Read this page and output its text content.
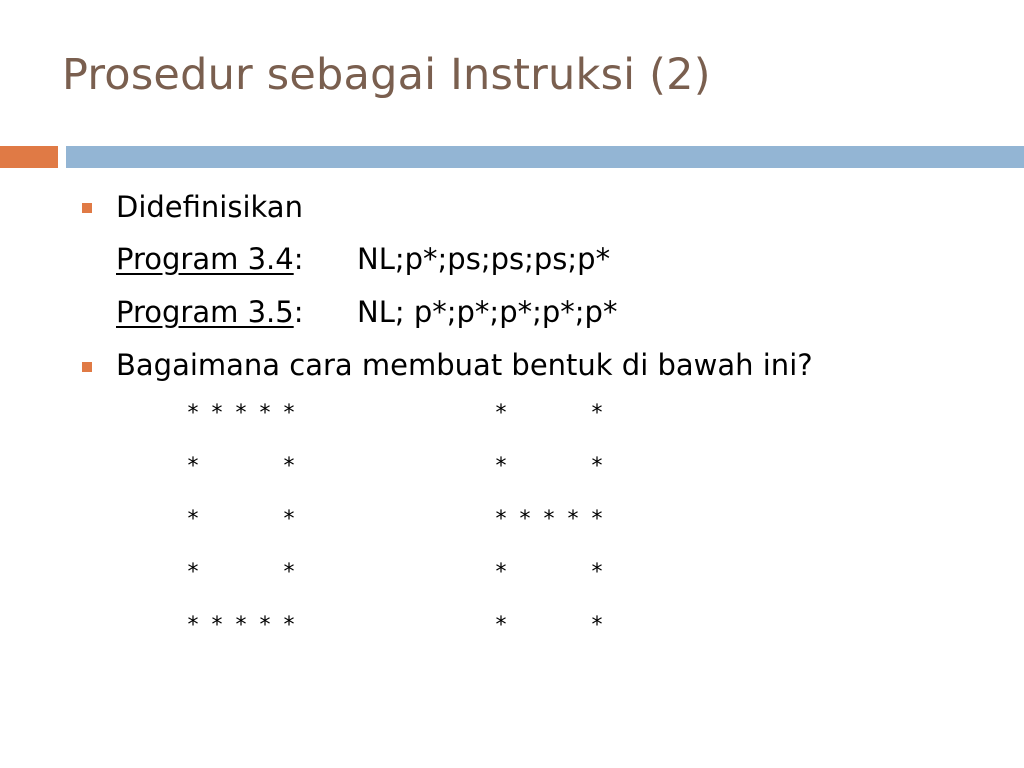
Prosedur sebagai Instruksi (2)
Didefinisikan
Program 3.4: NL;p*;ps;ps;ps;p*
Program 3.5: NL; p*;p*;p*;p*;p*
Bagaimana cara membuat bentuk di bawah ini?
* * * * *
*	*
*	*
*	*
* * * * *
*	*
*	*
* * * * *
*	*
*	*
